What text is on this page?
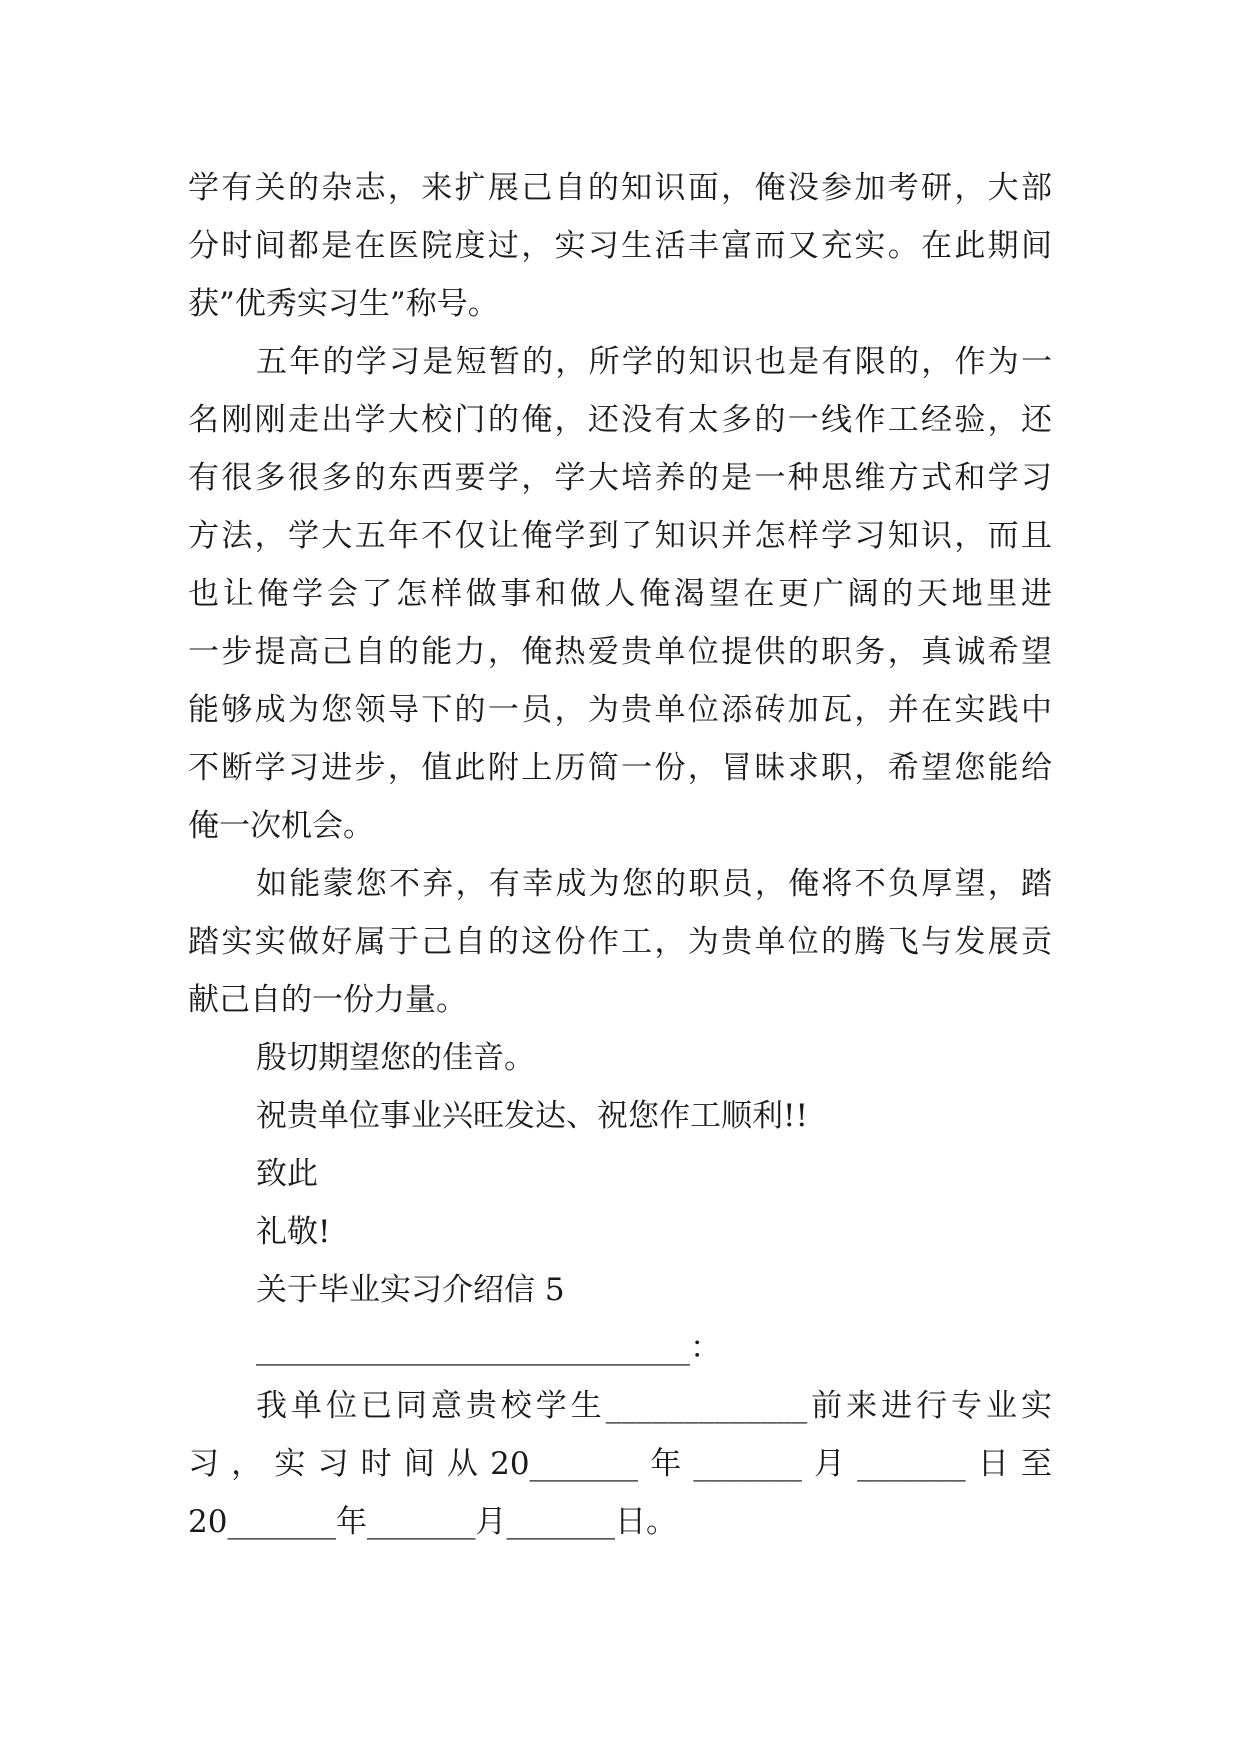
学有关的杂志，来扩展己自的知识面，俺没参加考研，大部
分时间都是在医院度过，实习生活丰富而又充实。在此期间
获”优秀实习生”称号。
五年的学习是短暂的，所学的知识也是有限的，作为一
名刚刚走出学大校门的俺，还没有太多的一线作工经验，还
有很多很多的东西要学，学大培养的是一种思维方式和学习
方法，学大五年不仅让俺学到了知识并怎样学习知识，而且
也让俺学会了怎样做事和做人俺渴望在更广阔的天地里进
一步提高己自的能力，俺热爱贵单位提供的职务，真诚希望
能够成为您领导下的一员，为贵单位添砖加瓦，并在实践中
不断学习进步，值此附上历简一份，冒昧求职，希望您能给
俺一次机会。
如能蒙您不弃，有幸成为您的职员，俺将不负厚望，踏
踏实实做好属于己自的这份作工，为贵单位的腾飞与发展贡
献己自的一份力量。
殷切期望您的佳音。
祝贵单位事业兴旺发达、祝您作工顺利!!
致此
礼敬!
关于毕业实习介绍信 5
____________________________：
我单位已同意贵校学生_____________前来进行专业实
习，实习时间从20_______年_______月_______日至
20_______年_______月_______日。
